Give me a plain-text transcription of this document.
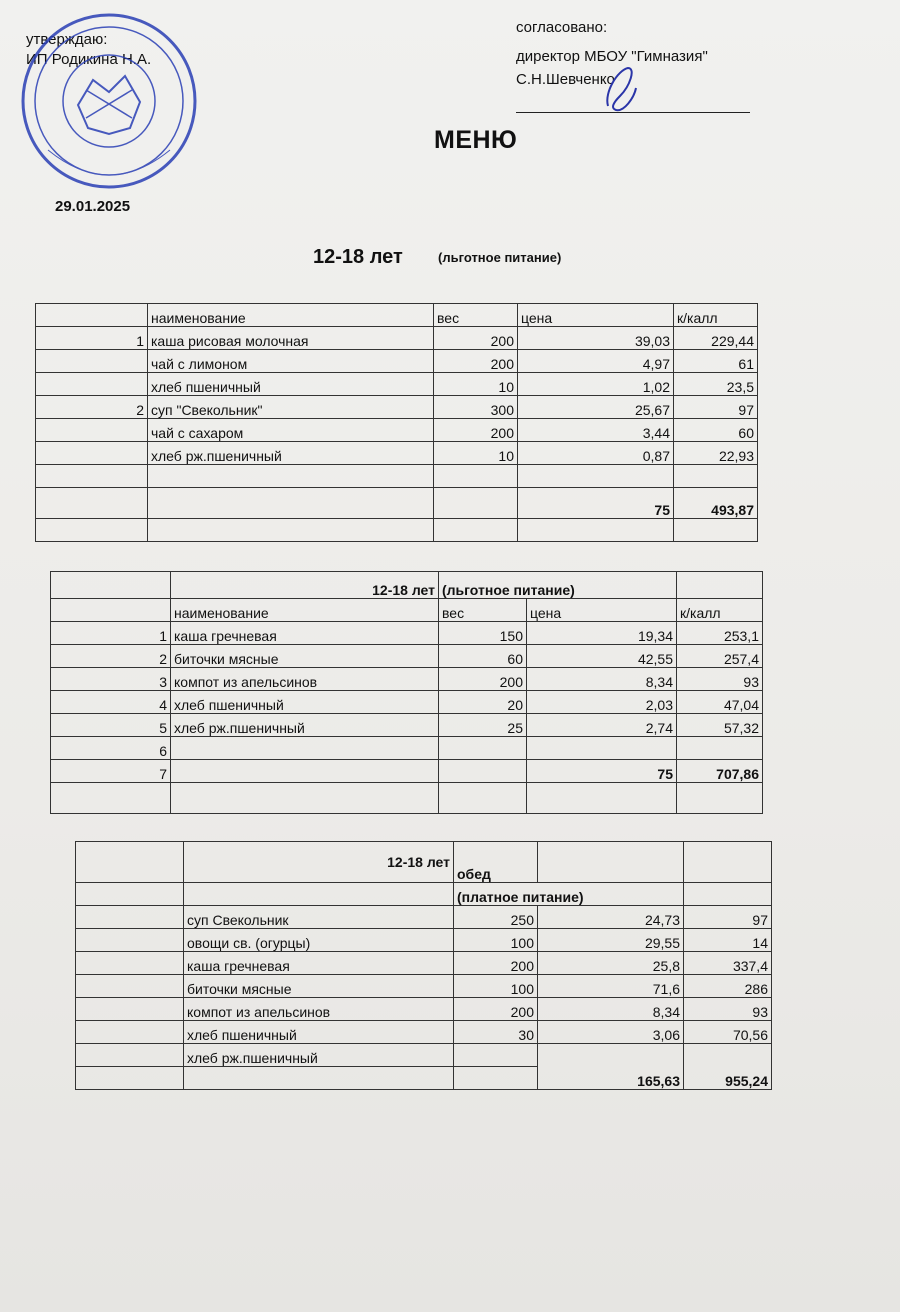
утверждаю:
ИП Родикина Н.А.
29.01.2025
согласовано:
директор МБОУ "Гимназия"
С.Н.Шевченко
МЕНЮ
12-18 лет	(льготное питание)
	наименование	вес	цена	к/калл
1	каша рисовая молочная	200	39,03	229,44
	чай с лимоном	200	4,97	61
	хлеб пшеничный	10	1,02	23,5
2	суп "Свекольник"	300	25,67	97
	чай с сахаром	200	3,44	60
	хлеб рж.пшеничный	10	0,87	22,93

			75	493,87

	12-18 лет	(льготное питание)		
	наименование	вес	цена	к/калл
1	каша гречневая	150	19,34	253,1
2	биточки мясные	60	42,55	257,4
3	компот из апельсинов	200	8,34	93
4	хлеб пшеничный	20	2,03	47,04
5	хлеб рж.пшеничный	25	2,74	57,32
6				
7			75	707,86

	12-18 лет	обед		
		(платное питание)		
	суп Свекольник	250	24,73	97
	овощи св. (огурцы)	100	29,55	14
	каша гречневая	200	25,8	337,4
	биточки мясные	100	71,6	286
	компот из апельсинов	200	8,34	93
	хлеб пшеничный	30	3,06	70,56
	хлеб рж.пшеничный		165,63	955,24
